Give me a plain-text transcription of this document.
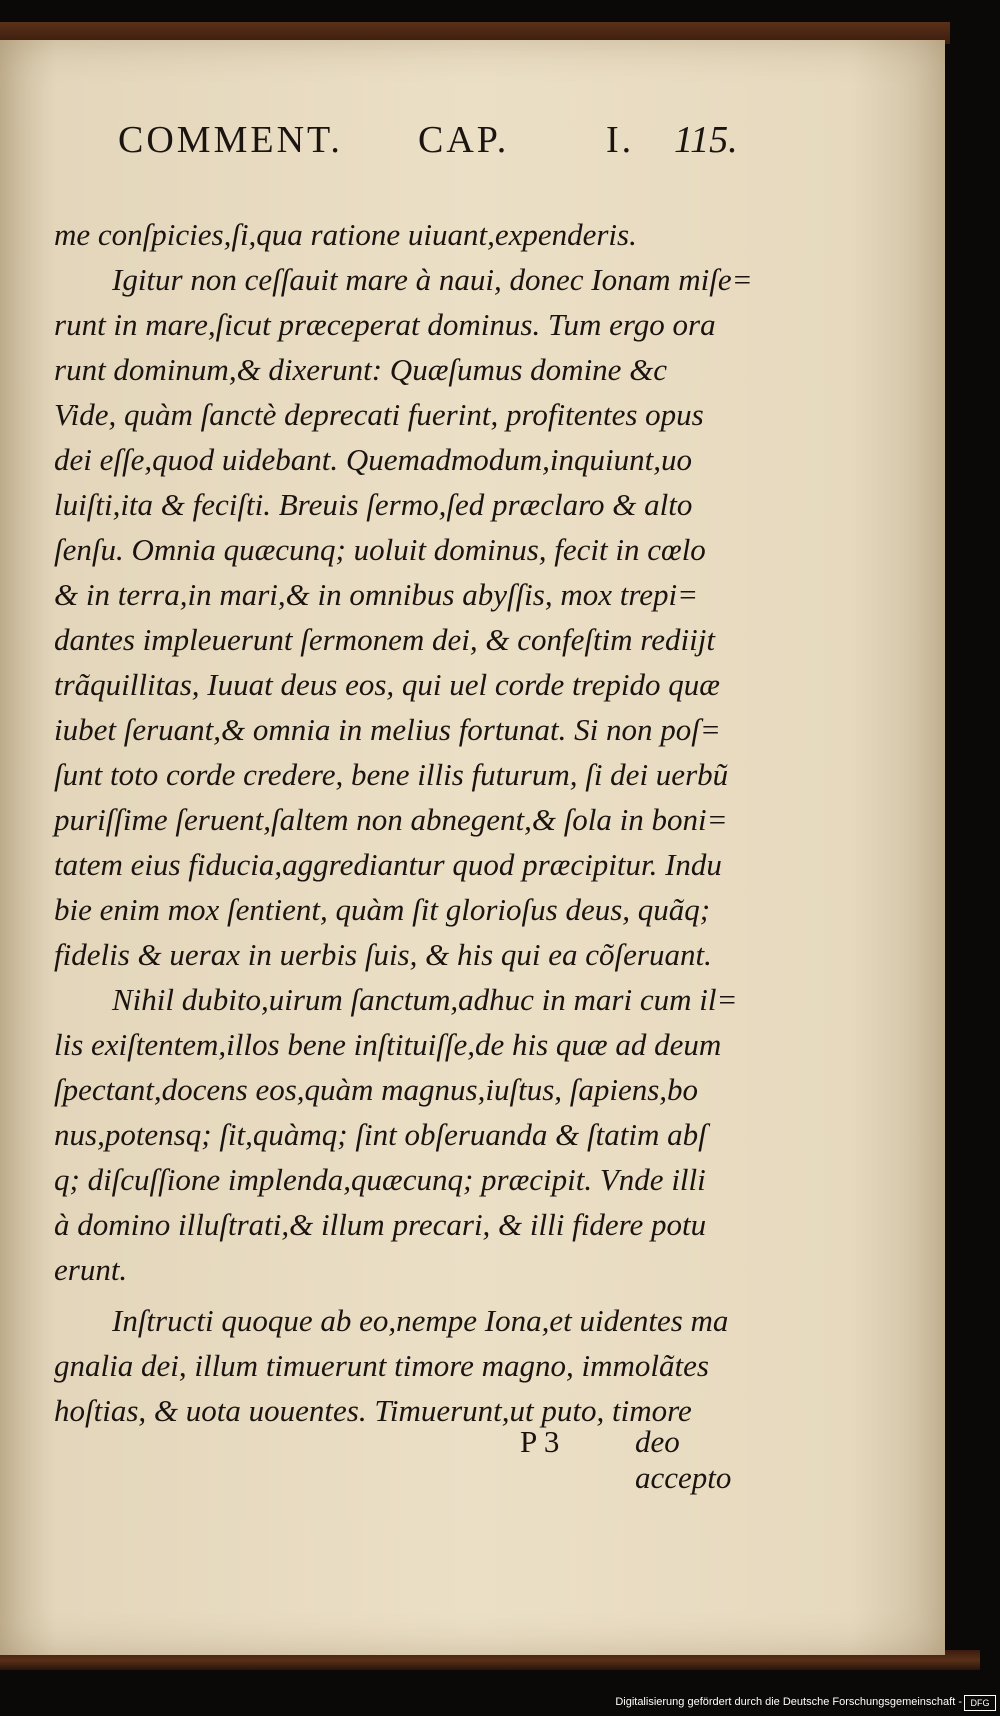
COMMENT. CAP.	I. 115.
me conſpicies,ſi,qua ratione uiuant,expenderis.
Igitur non ceſſauit mare à naui, donec Ionam miſe=
runt in mare,ſicut præceperat dominus. Tum ergo ora
runt dominum,& dixerunt: Quæſumus domine &c
Vide, quàm ſanctè deprecati fuerint, profitentes opus
dei eſſe,quod uidebant. Quemadmodum,inquiunt,uo
luiſti,ita & feciſti. Breuis ſermo,ſed præclaro & alto
ſenſu. Omnia quæcunq; uoluit dominus, fecit in cœlo
& in terra,in mari,& in omnibus abyſſis, mox trepi=
dantes impleuerunt ſermonem dei, & confeſtim rediijt
trãquillitas, Iuuat deus eos, qui uel corde trepido quæ
iubet ſeruant,& omnia in melius fortunat. Si non poſ=
ſunt toto corde credere, bene illis futurum, ſi dei uerbũ
puriſſime ſeruent,ſaltem non abnegent,& ſola in boni=
tatem eius fiducia,aggrediantur quod præcipitur. Indu
bie enim mox ſentient, quàm ſit glorioſus deus, quãq;
fidelis & uerax in uerbis ſuis, & his qui ea cõſeruant.
Nihil dubito,uirum ſanctum,adhuc in mari cum il=
lis exiſtentem,illos bene inſtituiſſe,de his quæ ad deum
ſpectant,docens eos,quàm magnus,iuſtus, ſapiens,bo
nus,potensq; ſit,quàmq; ſint obſeruanda & ſtatim abſ
q; diſcuſſione implenda,quæcunq; præcipit. Vnde illi
à domino illuſtrati,& illum precari, & illi fidere potu
erunt.
Inſtructi quoque ab eo,nempe Iona,et uidentes ma
gnalia dei, illum timuerunt timore magno, immolãtes
hoſtias, & uota uouentes. Timuerunt,ut puto, timore
P 3 deo accepto
Digitalisierung gefördert durch die Deutsche Forschungsgemeinschaft - DFG
